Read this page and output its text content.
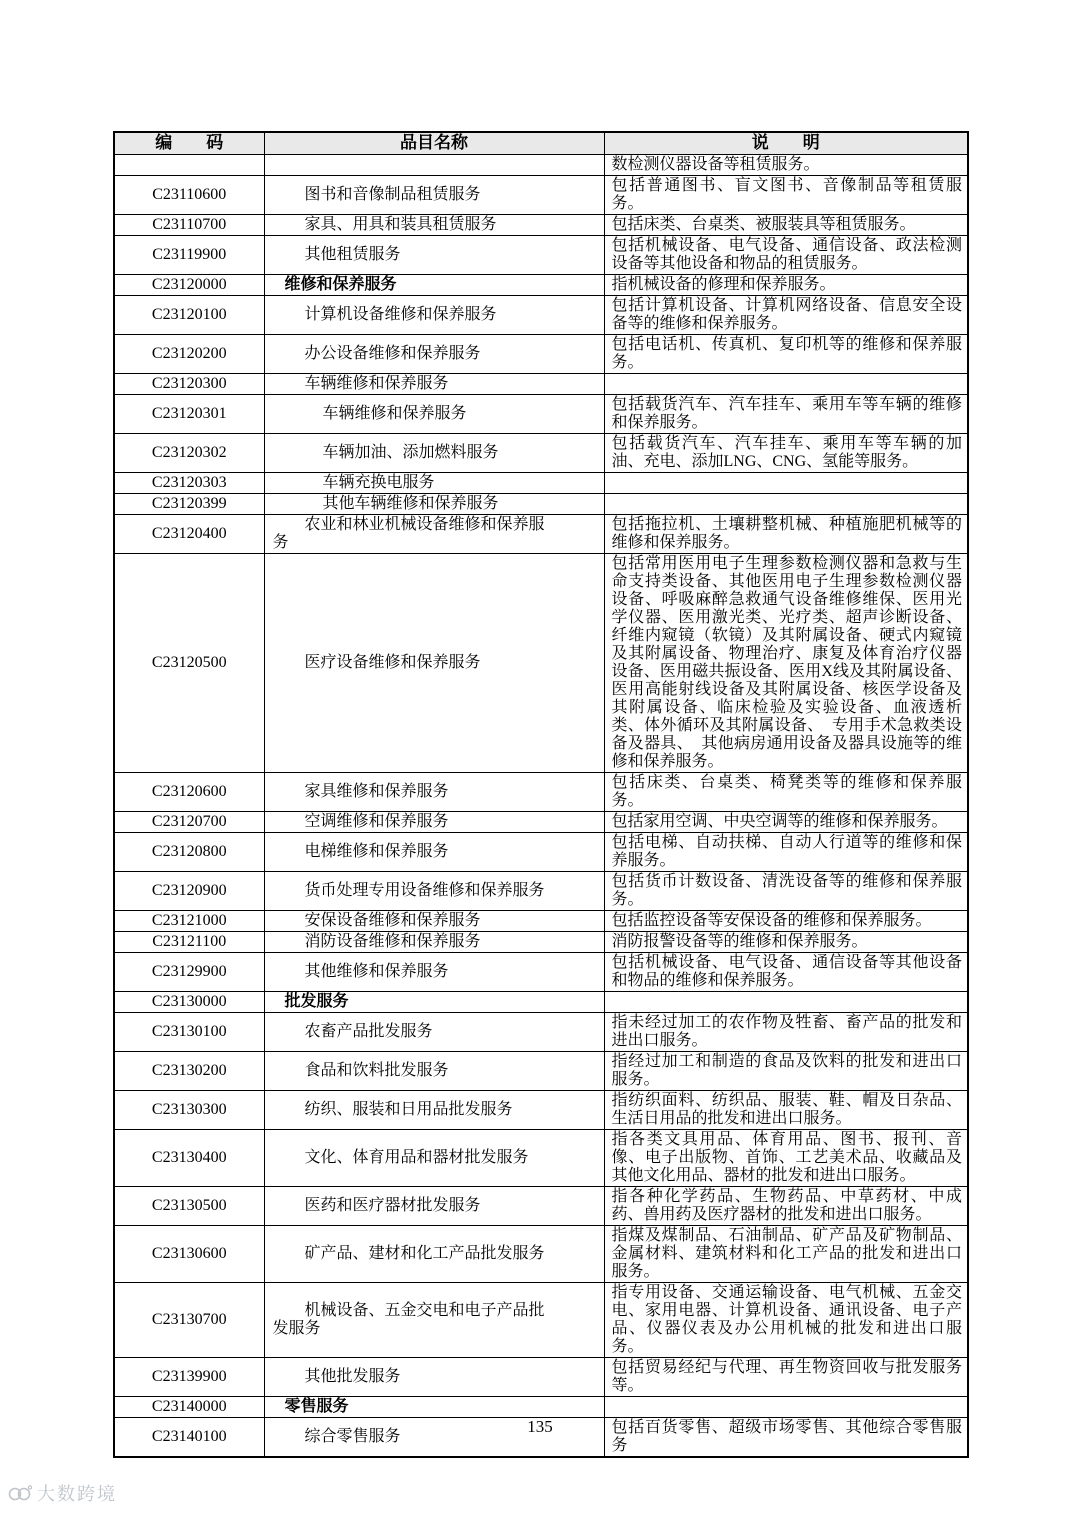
编　　码	品目名称	说　　明
		数检测仪器设备等租赁服务。
C23110600	图书和音像制品租赁服务	包括普通图书、盲文图书、音像制品等租赁服务。
C23110700	家具、用具和装具租赁服务	包括床类、台桌类、被服装具等租赁服务。
C23119900	其他租赁服务	包括机械设备、电气设备、通信设备、政法检测设备等其他设备和物品的租赁服务。
C23120000	维修和保养服务	指机械设备的修理和保养服务。
C23120100	计算机设备维修和保养服务	包括计算机设备、计算机网络设备、信息安全设备等的维修和保养服务。
C23120200	办公设备维修和保养服务	包括电话机、传真机、复印机等的维修和保养服务。
C23120300	车辆维修和保养服务	
C23120301	车辆维修和保养服务	包括载货汽车、汽车挂车、乘用车等车辆的维修和保养服务。
C23120302	车辆加油、添加燃料服务	包括载货汽车、汽车挂车、乘用车等车辆的加油、充电、添加LNG、CNG、氢能等服务。
C23120303	车辆充换电服务	
C23120399	其他车辆维修和保养服务	
C23120400	农业和林业机械设备维修和保养服务	包括拖拉机、土壤耕整机械、种植施肥机械等的维修和保养服务。
C23120500	医疗设备维修和保养服务	包括常用医用电子生理参数检测仪器和急救与生命支持类设备、其他医用电子生理参数检测仪器设备、呼吸麻醉急救通气设备维修维保、医用光学仪器、医用激光类、光疗类、超声诊断设备、纤维内窥镜（软镜）及其附属设备、硬式内窥镜及其附属设备、物理治疗、康复及体育治疗仪器设备、医用磁共振设备、医用X线及其附属设备、医用高能射线设备及其附属设备、核医学设备及其附属设备、临床检验及实验设备、血液透析类、体外循环及其附属设备、　专用手术急救类设备及器具、　其他病房通用设备及器具设施等的维修和保养服务。
C23120600	家具维修和保养服务	包括床类、台桌类、椅凳类等的维修和保养服务。
C23120700	空调维修和保养服务	包括家用空调、中央空调等的维修和保养服务。
C23120800	电梯维修和保养服务	包括电梯、自动扶梯、自动人行道等的维修和保养服务。
C23120900	货币处理专用设备维修和保养服务	包括货币计数设备、清洗设备等的维修和保养服务。
C23121000	安保设备维修和保养服务	包括监控设备等安保设备的维修和保养服务。
C23121100	消防设备维修和保养服务	消防报警设备等的维修和保养服务。
C23129900	其他维修和保养服务	包括机械设备、电气设备、通信设备等其他设备和物品的维修和保养服务。
C23130000	批发服务	
C23130100	农畜产品批发服务	指未经过加工的农作物及牲畜、畜产品的批发和进出口服务。
C23130200	食品和饮料批发服务	指经过加工和制造的食品及饮料的批发和进出口服务。
C23130300	纺织、服装和日用品批发服务	指纺织面料、纺织品、服装、鞋、帽及日杂品、生活日用品的批发和进出口服务。
C23130400	文化、体育用品和器材批发服务	指各类文具用品、体育用品、图书、报刊、音像、电子出版物、首饰、工艺美术品、收藏品及其他文化用品、器材的批发和进出口服务。
C23130500	医药和医疗器材批发服务	指各种化学药品、生物药品、中草药材、中成药、兽用药及医疗器材的批发和进出口服务。
C23130600	矿产品、建材和化工产品批发服务	指煤及煤制品、石油制品、矿产品及矿物制品、金属材料、建筑材料和化工产品的批发和进出口服务。
C23130700	机械设备、五金交电和电子产品批发服务	指专用设备、交通运输设备、电气机械、五金交电、家用电器、计算机设备、通讯设备、电子产品、仪器仪表及办公用机械的批发和进出口服务。
C23139900	其他批发服务	包括贸易经纪与代理、再生物资回收与批发服务等。
C23140000	零售服务	
C23140100	综合零售服务	包括百货零售、超级市场零售、其他综合零售服务
135
大数跨境
